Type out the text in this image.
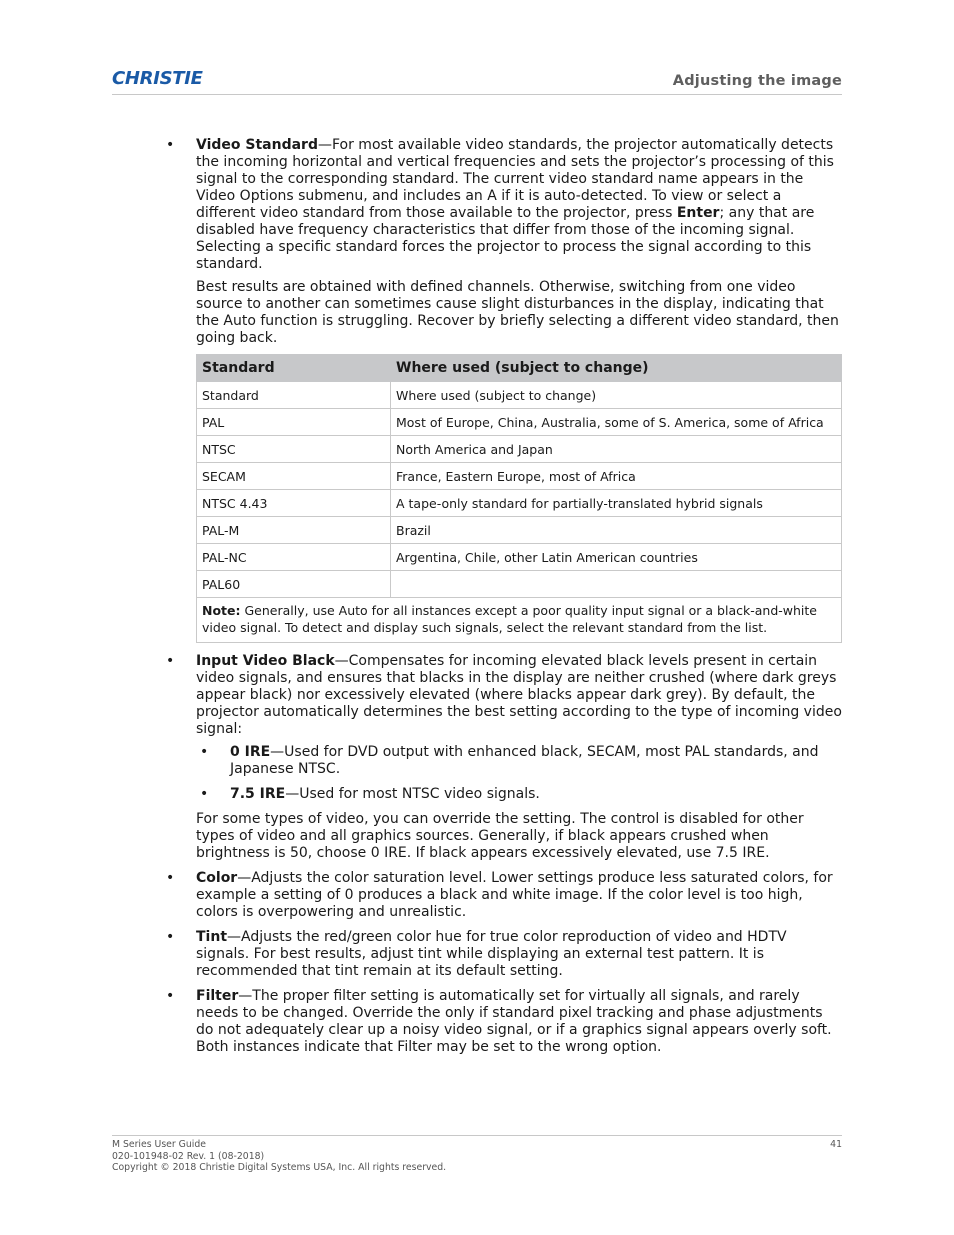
CHRISTIE	Adjusting the image
• Video Standard—For most available video standards, the projector automatically detects the incoming horizontal and vertical frequencies and sets the projector’s processing of this signal to the corresponding standard. The current video standard name appears in the Video Options submenu, and includes an A if it is auto-detected. To view or select a different video standard from those available to the projector, press Enter; any that are disabled have frequency characteristics that differ from those of the incoming signal. Selecting a specific standard forces the projector to process the signal according to this standard.

Best results are obtained with defined channels. Otherwise, switching from one video source to another can sometimes cause slight disturbances in the display, indicating that the Auto function is struggling. Recover by briefly selecting a different video standard, then going back.

Standard	Where used (subject to change)
Standard	Where used (subject to change)
PAL	Most of Europe, China, Australia, some of S. America, some of Africa
NTSC	North America and Japan
SECAM	France, Eastern Europe, most of Africa
NTSC 4.43	A tape-only standard for partially-translated hybrid signals
PAL-M	Brazil
PAL-NC	Argentina, Chile, other Latin American countries
PAL60	
Note: Generally, use Auto for all instances except a poor quality input signal or a black-and-white video signal. To detect and display such signals, select the relevant standard from the list.	
• Input Video Black—Compensates for incoming elevated black levels present in certain video signals, and ensures that blacks in the display are neither crushed (where dark greys appear black) nor excessively elevated (where blacks appear dark grey). By default, the projector automatically determines the best setting according to the type of incoming video signal:

• 0 IRE—Used for DVD output with enhanced black, SECAM, most PAL standards, and Japanese NTSC.
• 7.5 IRE—Used for most NTSC video signals.

For some types of video, you can override the setting. The control is disabled for other types of video and all graphics sources. Generally, if black appears crushed when brightness is 50, choose 0 IRE. If black appears excessively elevated, use 7.5 IRE.

• Color—Adjusts the color saturation level. Lower settings produce less saturated colors, for example a setting of 0 produces a black and white image. If the color level is too high, colors is overpowering and unrealistic.

• Tint—Adjusts the red/green color hue for true color reproduction of video and HDTV signals. For best results, adjust tint while displaying an external test pattern. It is recommended that tint remain at its default setting.

• Filter—The proper filter setting is automatically set for virtually all signals, and rarely needs to be changed. Override the only if standard pixel tracking and phase adjustments do not adequately clear up a noisy video signal, or if a graphics signal appears overly soft. Both instances indicate that Filter may be set to the wrong option.

M Series User Guide
020-101948-02 Rev. 1 (08-2018)
Copyright © 2018 Christie Digital Systems USA, Inc. All rights reserved.
41
